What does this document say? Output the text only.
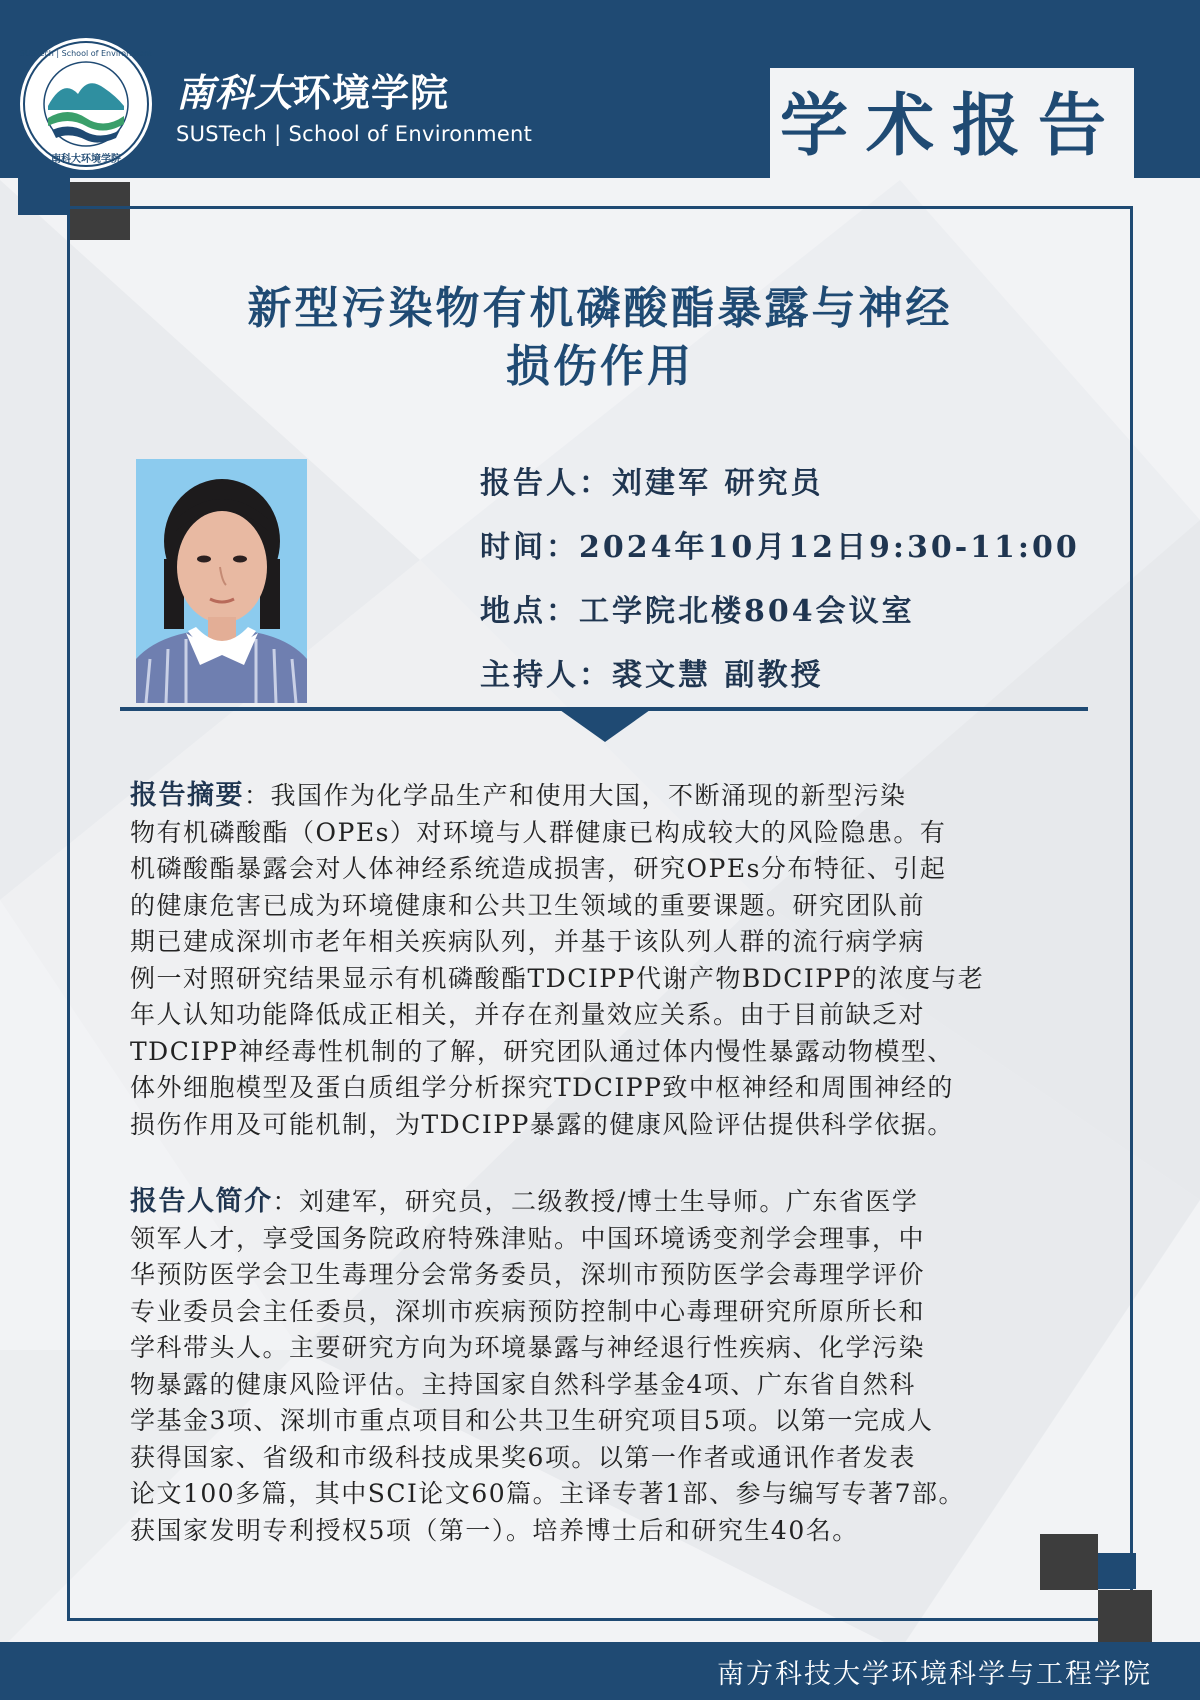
SUSTech | School of Environment
南科大环境学院
南科大环境学院
SUSTech | School of Environment	学术报告
新型污染物有机磷酸酯暴露与神经
损伤作用
报告人：刘建军 研究员
时间：2024年10月12日9:30-11:00
地点：工学院北楼804会议室
主持人：裘文慧 副教授
报告摘要：我国作为化学品生产和使用大国，不断涌现的新型污染
物有机磷酸酯（OPEs）对环境与人群健康已构成较大的风险隐患。有
机磷酸酯暴露会对人体神经系统造成损害，研究OPEs分布特征、引起
的健康危害已成为环境健康和公共卫生领域的重要课题。研究团队前
期已建成深圳市老年相关疾病队列，并基于该队列人群的流行病学病
例一对照研究结果显示有机磷酸酯TDCIPP代谢产物BDCIPP的浓度与老
年人认知功能降低成正相关，并存在剂量效应关系。由于目前缺乏对
TDCIPP神经毒性机制的了解，研究团队通过体内慢性暴露动物模型、
体外细胞模型及蛋白质组学分析探究TDCIPP致中枢神经和周围神经的
损伤作用及可能机制，为TDCIPP暴露的健康风险评估提供科学依据。
报告人简介：刘建军，研究员，二级教授/博士生导师。广东省医学
领军人才，享受国务院政府特殊津贴。中国环境诱变剂学会理事，中
华预防医学会卫生毒理分会常务委员，深圳市预防医学会毒理学评价
专业委员会主任委员，深圳市疾病预防控制中心毒理研究所原所长和
学科带头人。主要研究方向为环境暴露与神经退行性疾病、化学污染
物暴露的健康风险评估。主持国家自然科学基金4项、广东省自然科
学基金3项、深圳市重点项目和公共卫生研究项目5项。以第一完成人
获得国家、省级和市级科技成果奖6项。以第一作者或通讯作者发表
论文100多篇，其中SCI论文60篇。主译专著1部、参与编写专著7部。
获国家发明专利授权5项（第一）。培养博士后和研究生40名。
南方科技大学环境科学与工程学院
